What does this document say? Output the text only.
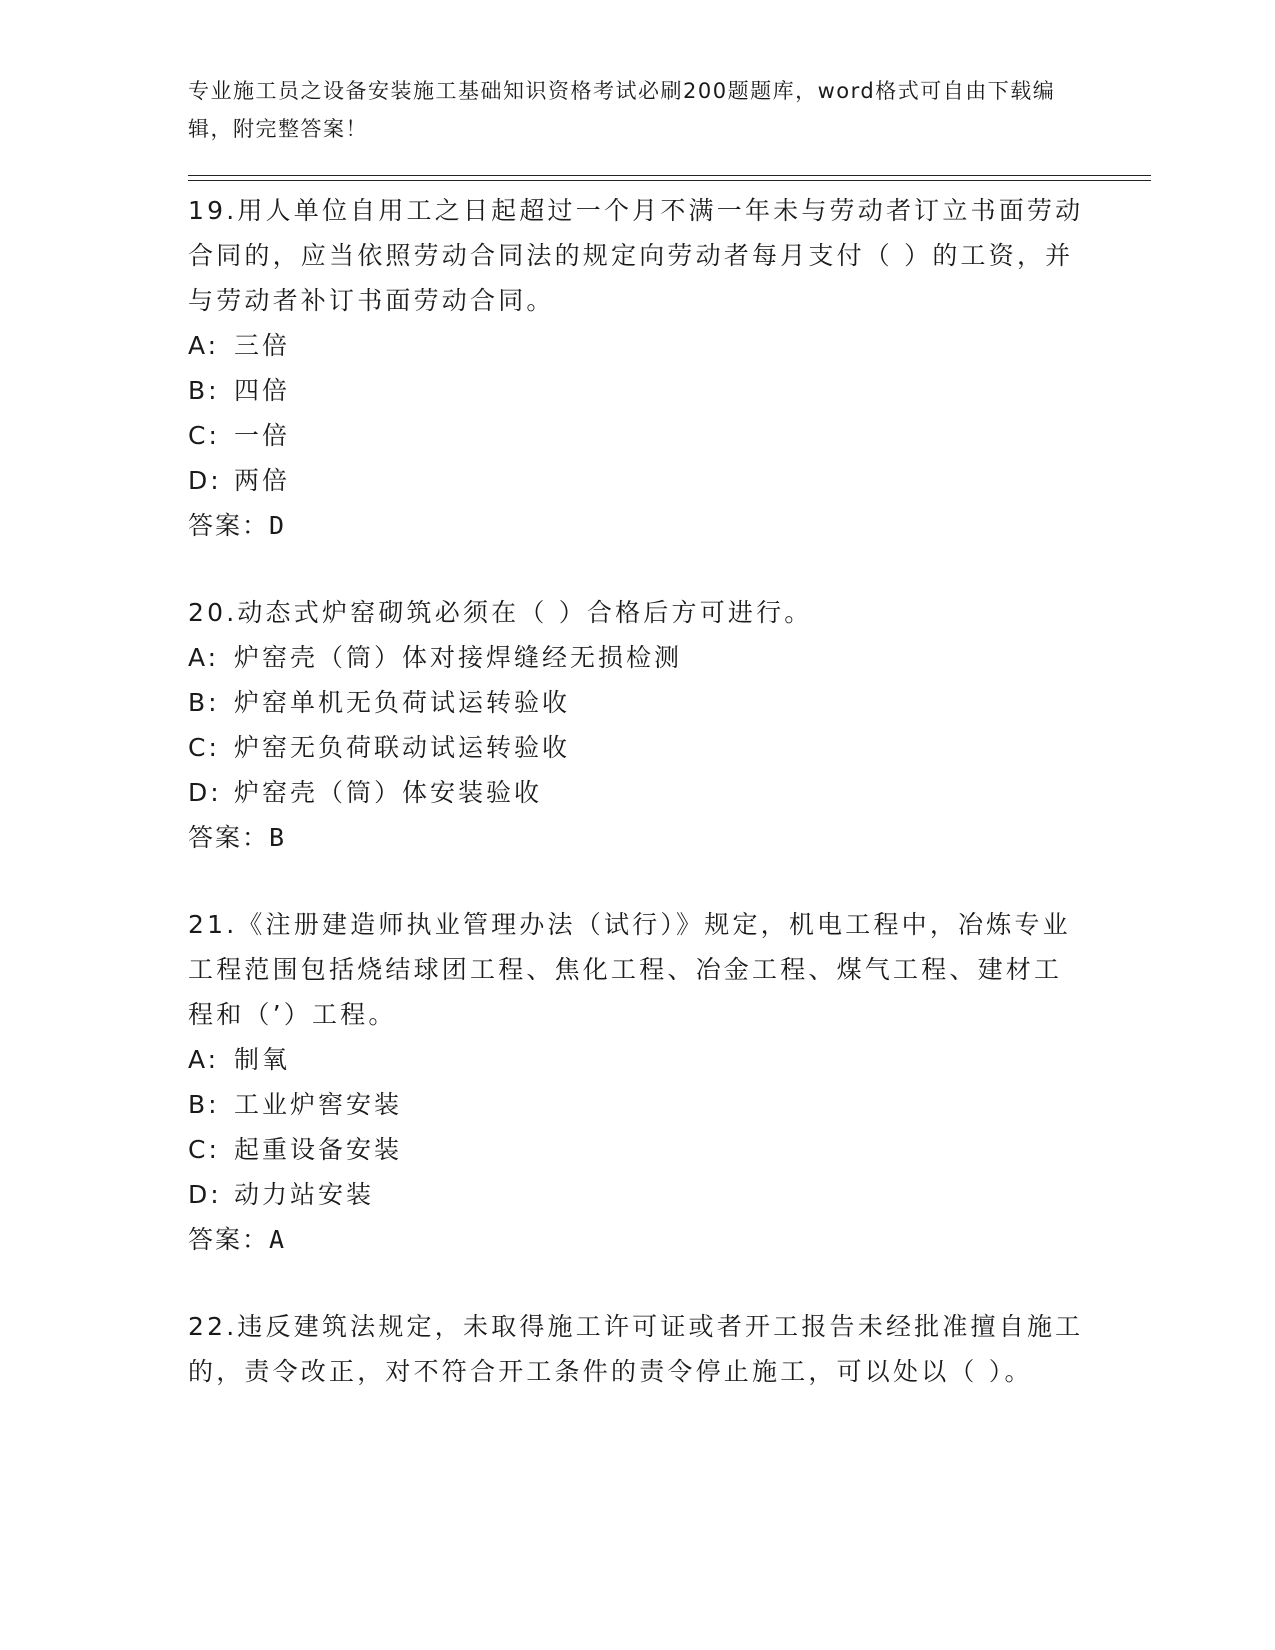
专业施工员之设备安装施工基础知识资格考试必刷200题题库，word格式可自由下载编辑，附完整答案！

19.用人单位自用工之日起超过一个月不满一年未与劳动者订立书面劳动合同的，应当依照劳动合同法的规定向劳动者每月支付（ ）的工资，并与劳动者补订书面劳动合同。

A: 三倍
B: 四倍
C: 一倍
D: 两倍
答案：D

20.动态式炉窑砌筑必须在（ ）合格后方可进行。

A: 炉窑壳（筒）体对接焊缝经无损检测
B: 炉窑单机无负荷试运转验收
C: 炉窑无负荷联动试运转验收
D: 炉窑壳（筒）体安装验收
答案：B

21.《注册建造师执业管理办法（试行）》规定，机电工程中，冶炼专业工程范围包括烧结球团工程、焦化工程、冶金工程、煤气工程、建材工程和（’）工程。

A: 制氧
B: 工业炉窖安装
C: 起重设备安装
D: 动力站安装
答案：A

22.违反建筑法规定，未取得施工许可证或者开工报告未经批准擅自施工的，责令改正，对不符合开工条件的责令停止施工，可以处以（ ）。
